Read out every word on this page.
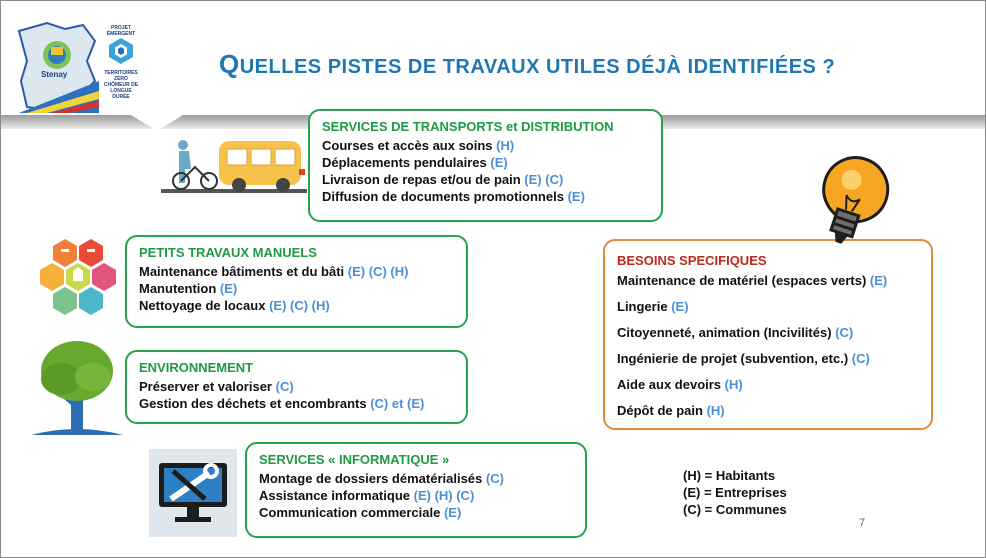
Stenay
PROJET ÉMERGENT
TERRITOIRES ZÉRO CHÔMEUR DE LONGUE DURÉE
QUELLES PISTES DE TRAVAUX UTILES DÉJÀ IDENTIFIÉES ?
SERVICES DE TRANSPORTS et DISTRIBUTION
Courses et accès aux soins (H)
Déplacements pendulaires (E)
Livraison de repas et/ou de pain (E) (C)
Diffusion de documents promotionnels (E)
PETITS TRAVAUX MANUELS
Maintenance bâtiments et du bâti (E) (C) (H)
Manutention (E)
Nettoyage de locaux (E) (C) (H)
ENVIRONNEMENT
Préserver et valoriser (C)
Gestion des déchets et encombrants (C) et (E)
SERVICES « INFORMATIQUE »
Montage de dossiers dématérialisés (C)
Assistance informatique (E) (H) (C)
Communication commerciale (E)
BESOINS SPECIFIQUES
Maintenance de matériel (espaces verts) (E)
Lingerie (E)
Citoyenneté, animation (Incivilités) (C)
Ingénierie de projet (subvention, etc.) (C)
Aide aux devoirs (H)
Dépôt de pain (H)
(H) = Habitants
(E) = Entreprises
(C) = Communes
7
